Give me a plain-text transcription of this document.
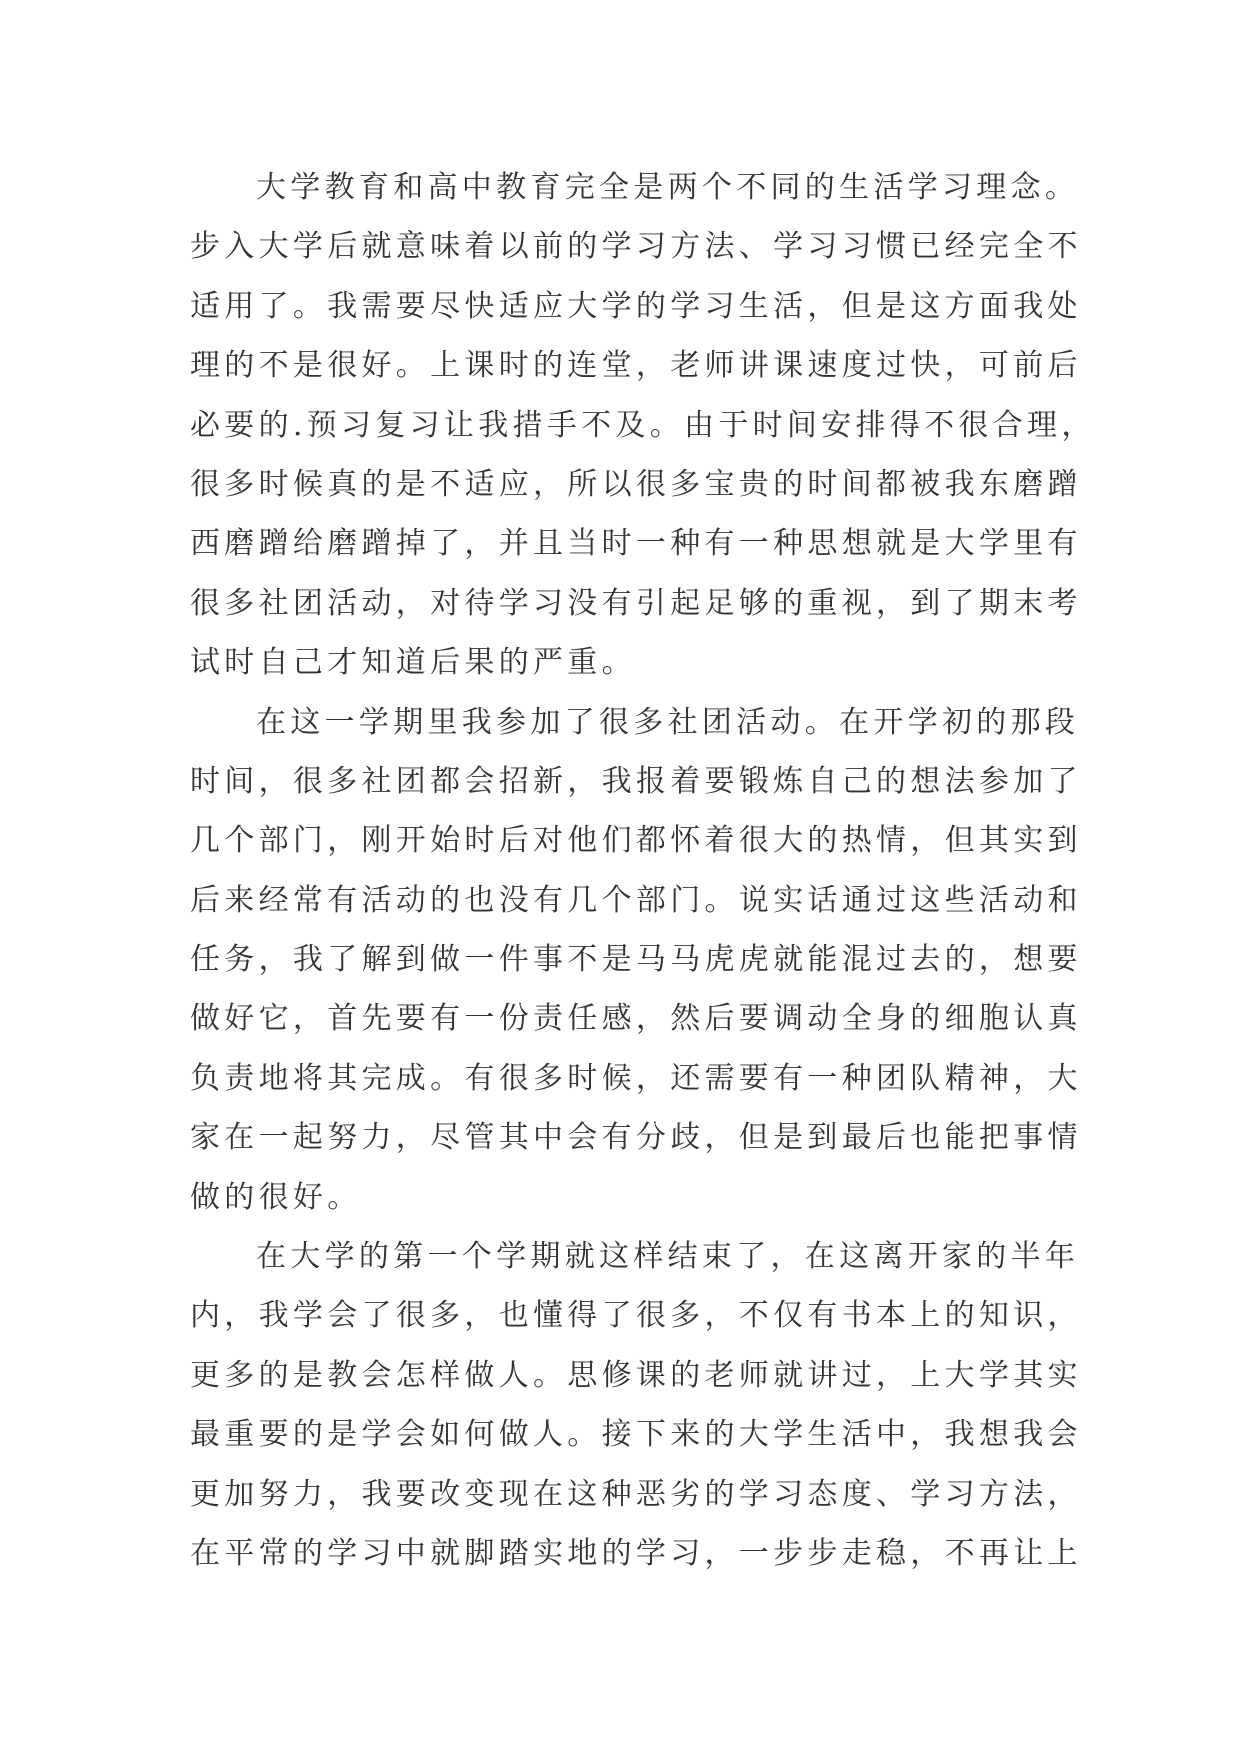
大学教育和高中教育完全是两个不同的生活学习理念。
步入大学后就意味着以前的学习方法、学习习惯已经完全不
适用了。我需要尽快适应大学的学习生活，但是这方面我处
理的不是很好。上课时的连堂，老师讲课速度过快，可前后
必要的.预习复习让我措手不及。由于时间安排得不很合理，
很多时候真的是不适应，所以很多宝贵的时间都被我东磨蹭
西磨蹭给磨蹭掉了，并且当时一种有一种思想就是大学里有
很多社团活动，对待学习没有引起足够的重视，到了期末考
试时自己才知道后果的严重。
在这一学期里我参加了很多社团活动。在开学初的那段
时间，很多社团都会招新，我报着要锻炼自己的想法参加了
几个部门，刚开始时后对他们都怀着很大的热情，但其实到
后来经常有活动的也没有几个部门。说实话通过这些活动和
任务，我了解到做一件事不是马马虎虎就能混过去的，想要
做好它，首先要有一份责任感，然后要调动全身的细胞认真
负责地将其完成。有很多时候，还需要有一种团队精神，大
家在一起努力，尽管其中会有分歧，但是到最后也能把事情
做的很好。
在大学的第一个学期就这样结束了，在这离开家的半年
内，我学会了很多，也懂得了很多，不仅有书本上的知识，
更多的是教会怎样做人。思修课的老师就讲过，上大学其实
最重要的是学会如何做人。接下来的大学生活中，我想我会
更加努力，我要改变现在这种恶劣的学习态度、学习方法，
在平常的学习中就脚踏实地的学习，一步步走稳，不再让上
